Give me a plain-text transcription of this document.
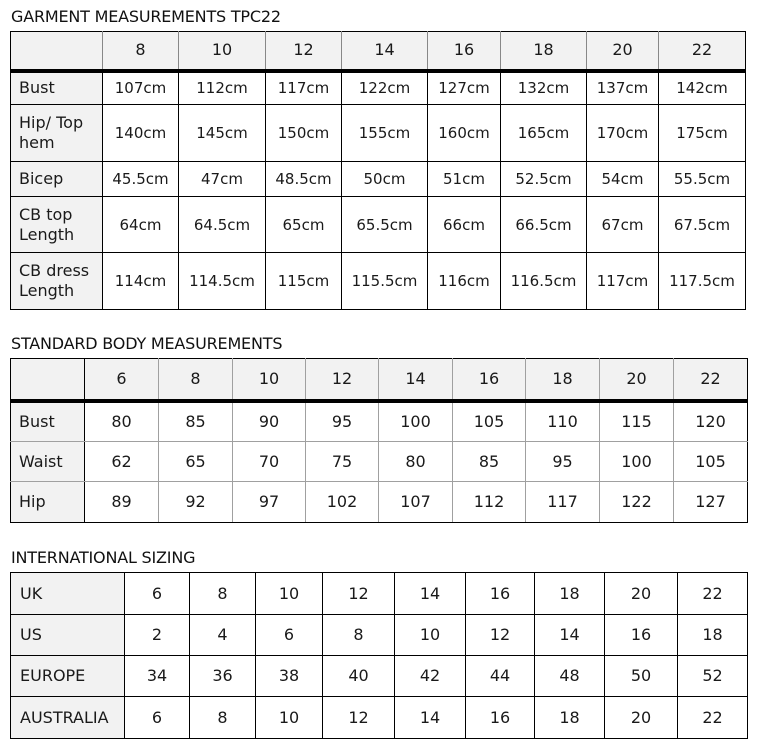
GARMENT MEASUREMENTS TPC22
	8	10	12	14	16	18	20	22
Bust	107cm	112cm	117cm	122cm	127cm	132cm	137cm	142cm
Hip/ Top hem	140cm	145cm	150cm	155cm	160cm	165cm	170cm	175cm
Bicep	45.5cm	47cm	48.5cm	50cm	51cm	52.5cm	54cm	55.5cm
CB top Length	64cm	64.5cm	65cm	65.5cm	66cm	66.5cm	67cm	67.5cm
CB dress Length	114cm	114.5cm	115cm	115.5cm	116cm	116.5cm	117cm	117.5cm
STANDARD BODY MEASUREMENTS
	6	8	10	12	14	16	18	20	22
Bust	80	85	90	95	100	105	110	115	120
Waist	62	65	70	75	80	85	95	100	105
Hip	89	92	97	102	107	112	117	122	127
INTERNATIONAL SIZING
UK	6	8	10	12	14	16	18	20	22
US	2	4	6	8	10	12	14	16	18
EUROPE	34	36	38	40	42	44	48	50	52
AUSTRALIA	6	8	10	12	14	16	18	20	22
